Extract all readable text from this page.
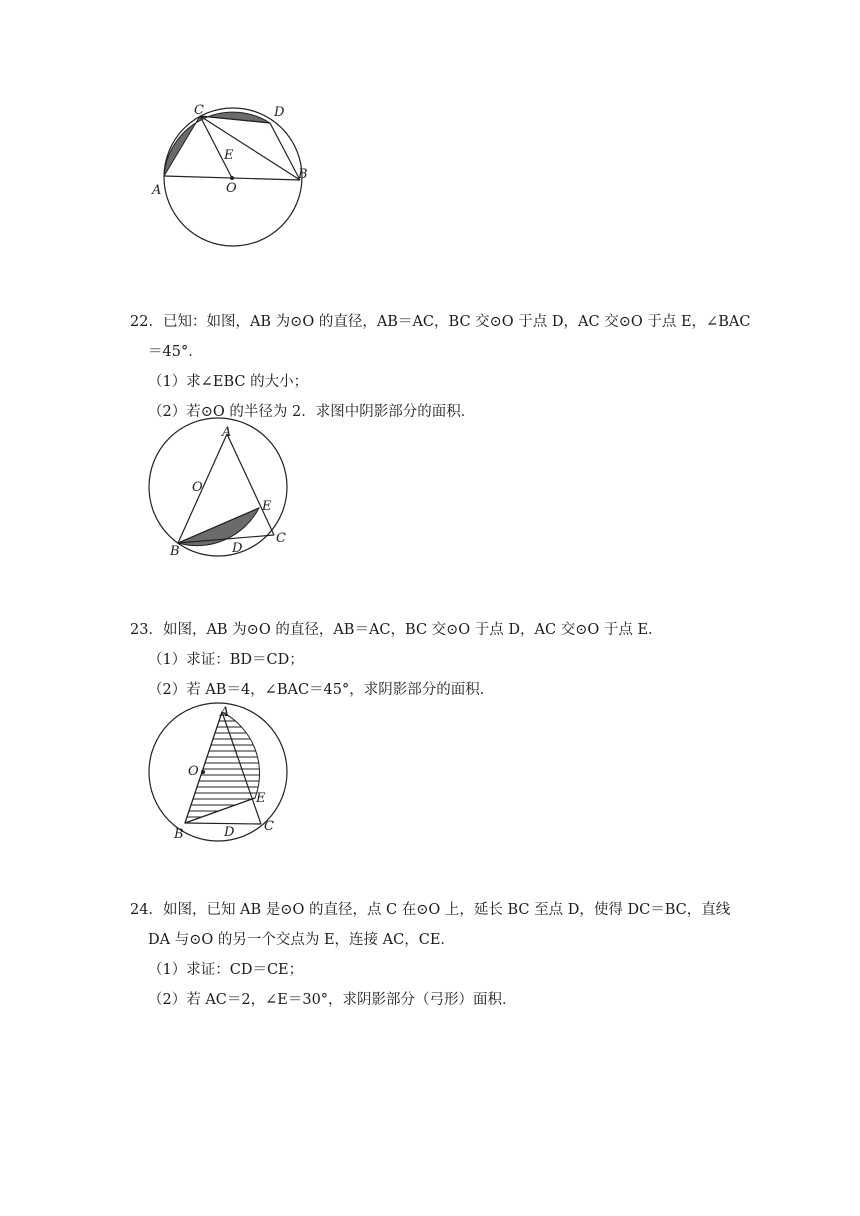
C	D
E
A	O
B
22．已知：如图，AB 为⊙O 的直径，AB＝AC，BC 交⊙O 于点 D，AC 交⊙O 于点 E，∠BAC
＝45°．
（1）求∠EBC 的大小；
（2）若⊙O 的半径为 2．求图中阴影部分的面积．
A
O
E
C
B	D
23．如图，AB 为⊙O 的直径，AB＝AC，BC 交⊙O 于点 D，AC 交⊙O 于点 E．
（1）求证：BD＝CD；
（2）若 AB＝4，∠BAC＝45°，求阴影部分的面积．
A
O
E
C
B	D
24．如图，已知 AB 是⊙O 的直径，点 C 在⊙O 上，延长 BC 至点 D，使得 DC＝BC，直线
DA 与⊙O 的另一个交点为 E，连接 AC，CE．
（1）求证：CD＝CE；
（2）若 AC＝2，∠E＝30°，求阴影部分（弓形）面积．
